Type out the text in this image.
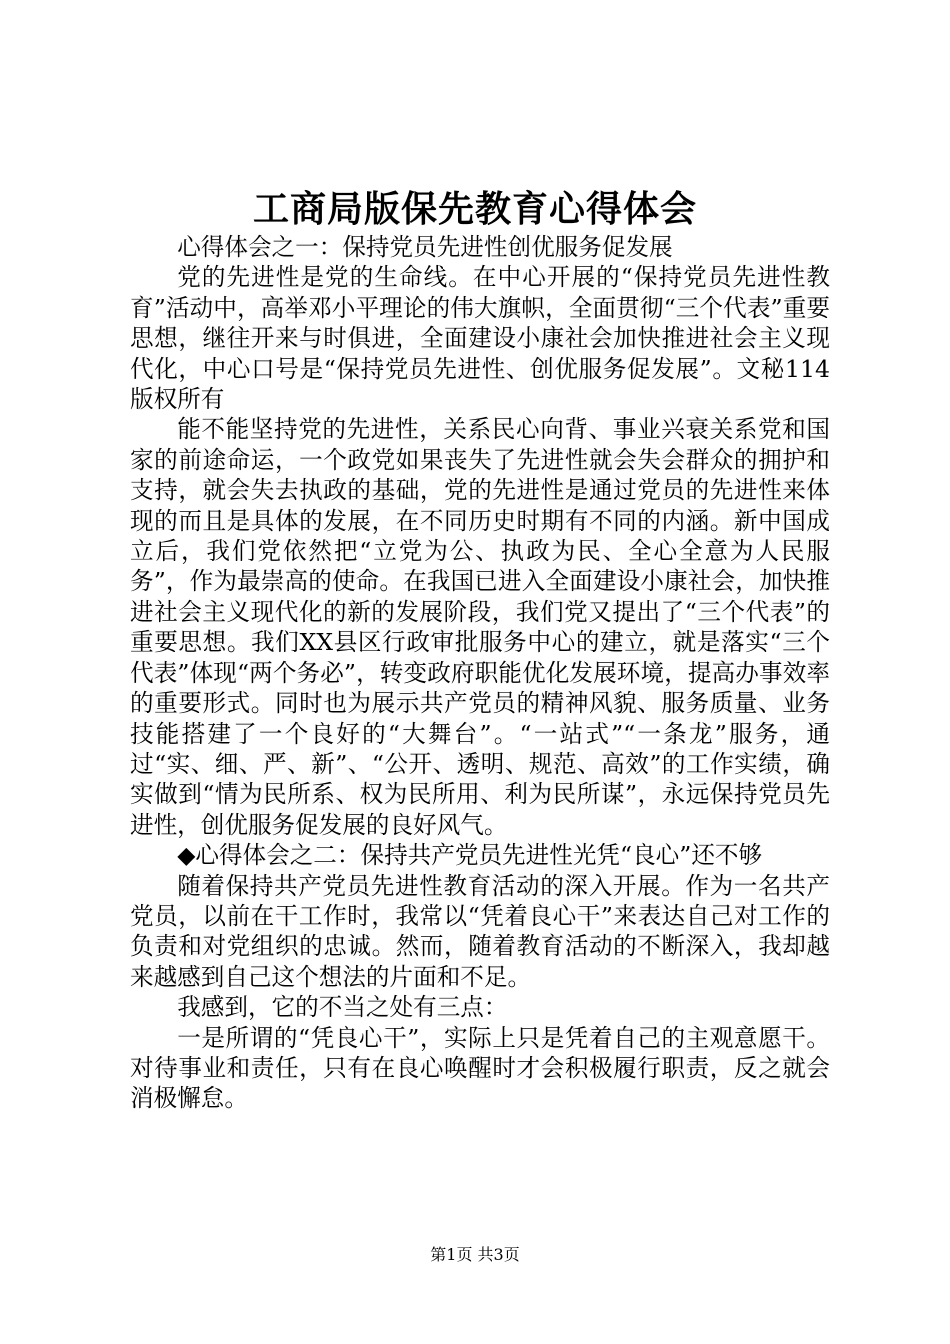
工商局版保先教育心得体会

心得体会之一：保持党员先进性创优服务促发展

党的先进性是党的生命线。在中心开展的“保持党员先进性教育”活动中，高举邓小平理论的伟大旗帜，全面贯彻“三个代表”重要思想，继往开来与时俱进，全面建设小康社会加快推进社会主义现代化，中心口号是“保持党员先进性、创优服务促发展”。文秘114版权所有

能不能坚持党的先进性，关系民心向背、事业兴衰关系党和国家的前途命运，一个政党如果丧失了先进性就会失会群众的拥护和支持，就会失去执政的基础，党的先进性是通过党员的先进性来体现的而且是具体的发展，在不同历史时期有不同的内涵。新中国成立后，我们党依然把“立党为公、执政为民、全心全意为人民服务”，作为最崇高的使命。在我国已进入全面建设小康社会，加快推进社会主义现代化的新的发展阶段，我们党又提出了“三个代表”的重要思想。我们XX县区行政审批服务中心的建立，就是落实“三个代表”体现“两个务必”，转变政府职能优化发展环境，提高办事效率的重要形式。同时也为展示共产党员的精神风貌、服务质量、业务技能搭建了一个良好的“大舞台”。“一站式”“一条龙”服务，通过“实、细、严、新”、“公开、透明、规范、高效”的工作实绩，确实做到“情为民所系、权为民所用、利为民所谋”，永远保持党员先进性，创优服务促发展的良好风气。

◆心得体会之二：保持共产党员先进性光凭“良心”还不够

随着保持共产党员先进性教育活动的深入开展。作为一名共产党员，以前在干工作时，我常以“凭着良心干”来表达自己对工作的负责和对党组织的忠诚。然而，随着教育活动的不断深入，我却越来越感到自己这个想法的片面和不足。

我感到，它的不当之处有三点：

一是所谓的“凭良心干”，实际上只是凭着自己的主观意愿干。对待事业和责任，只有在良心唤醒时才会积极履行职责，反之就会消极懈怠。

第1页 共3页
